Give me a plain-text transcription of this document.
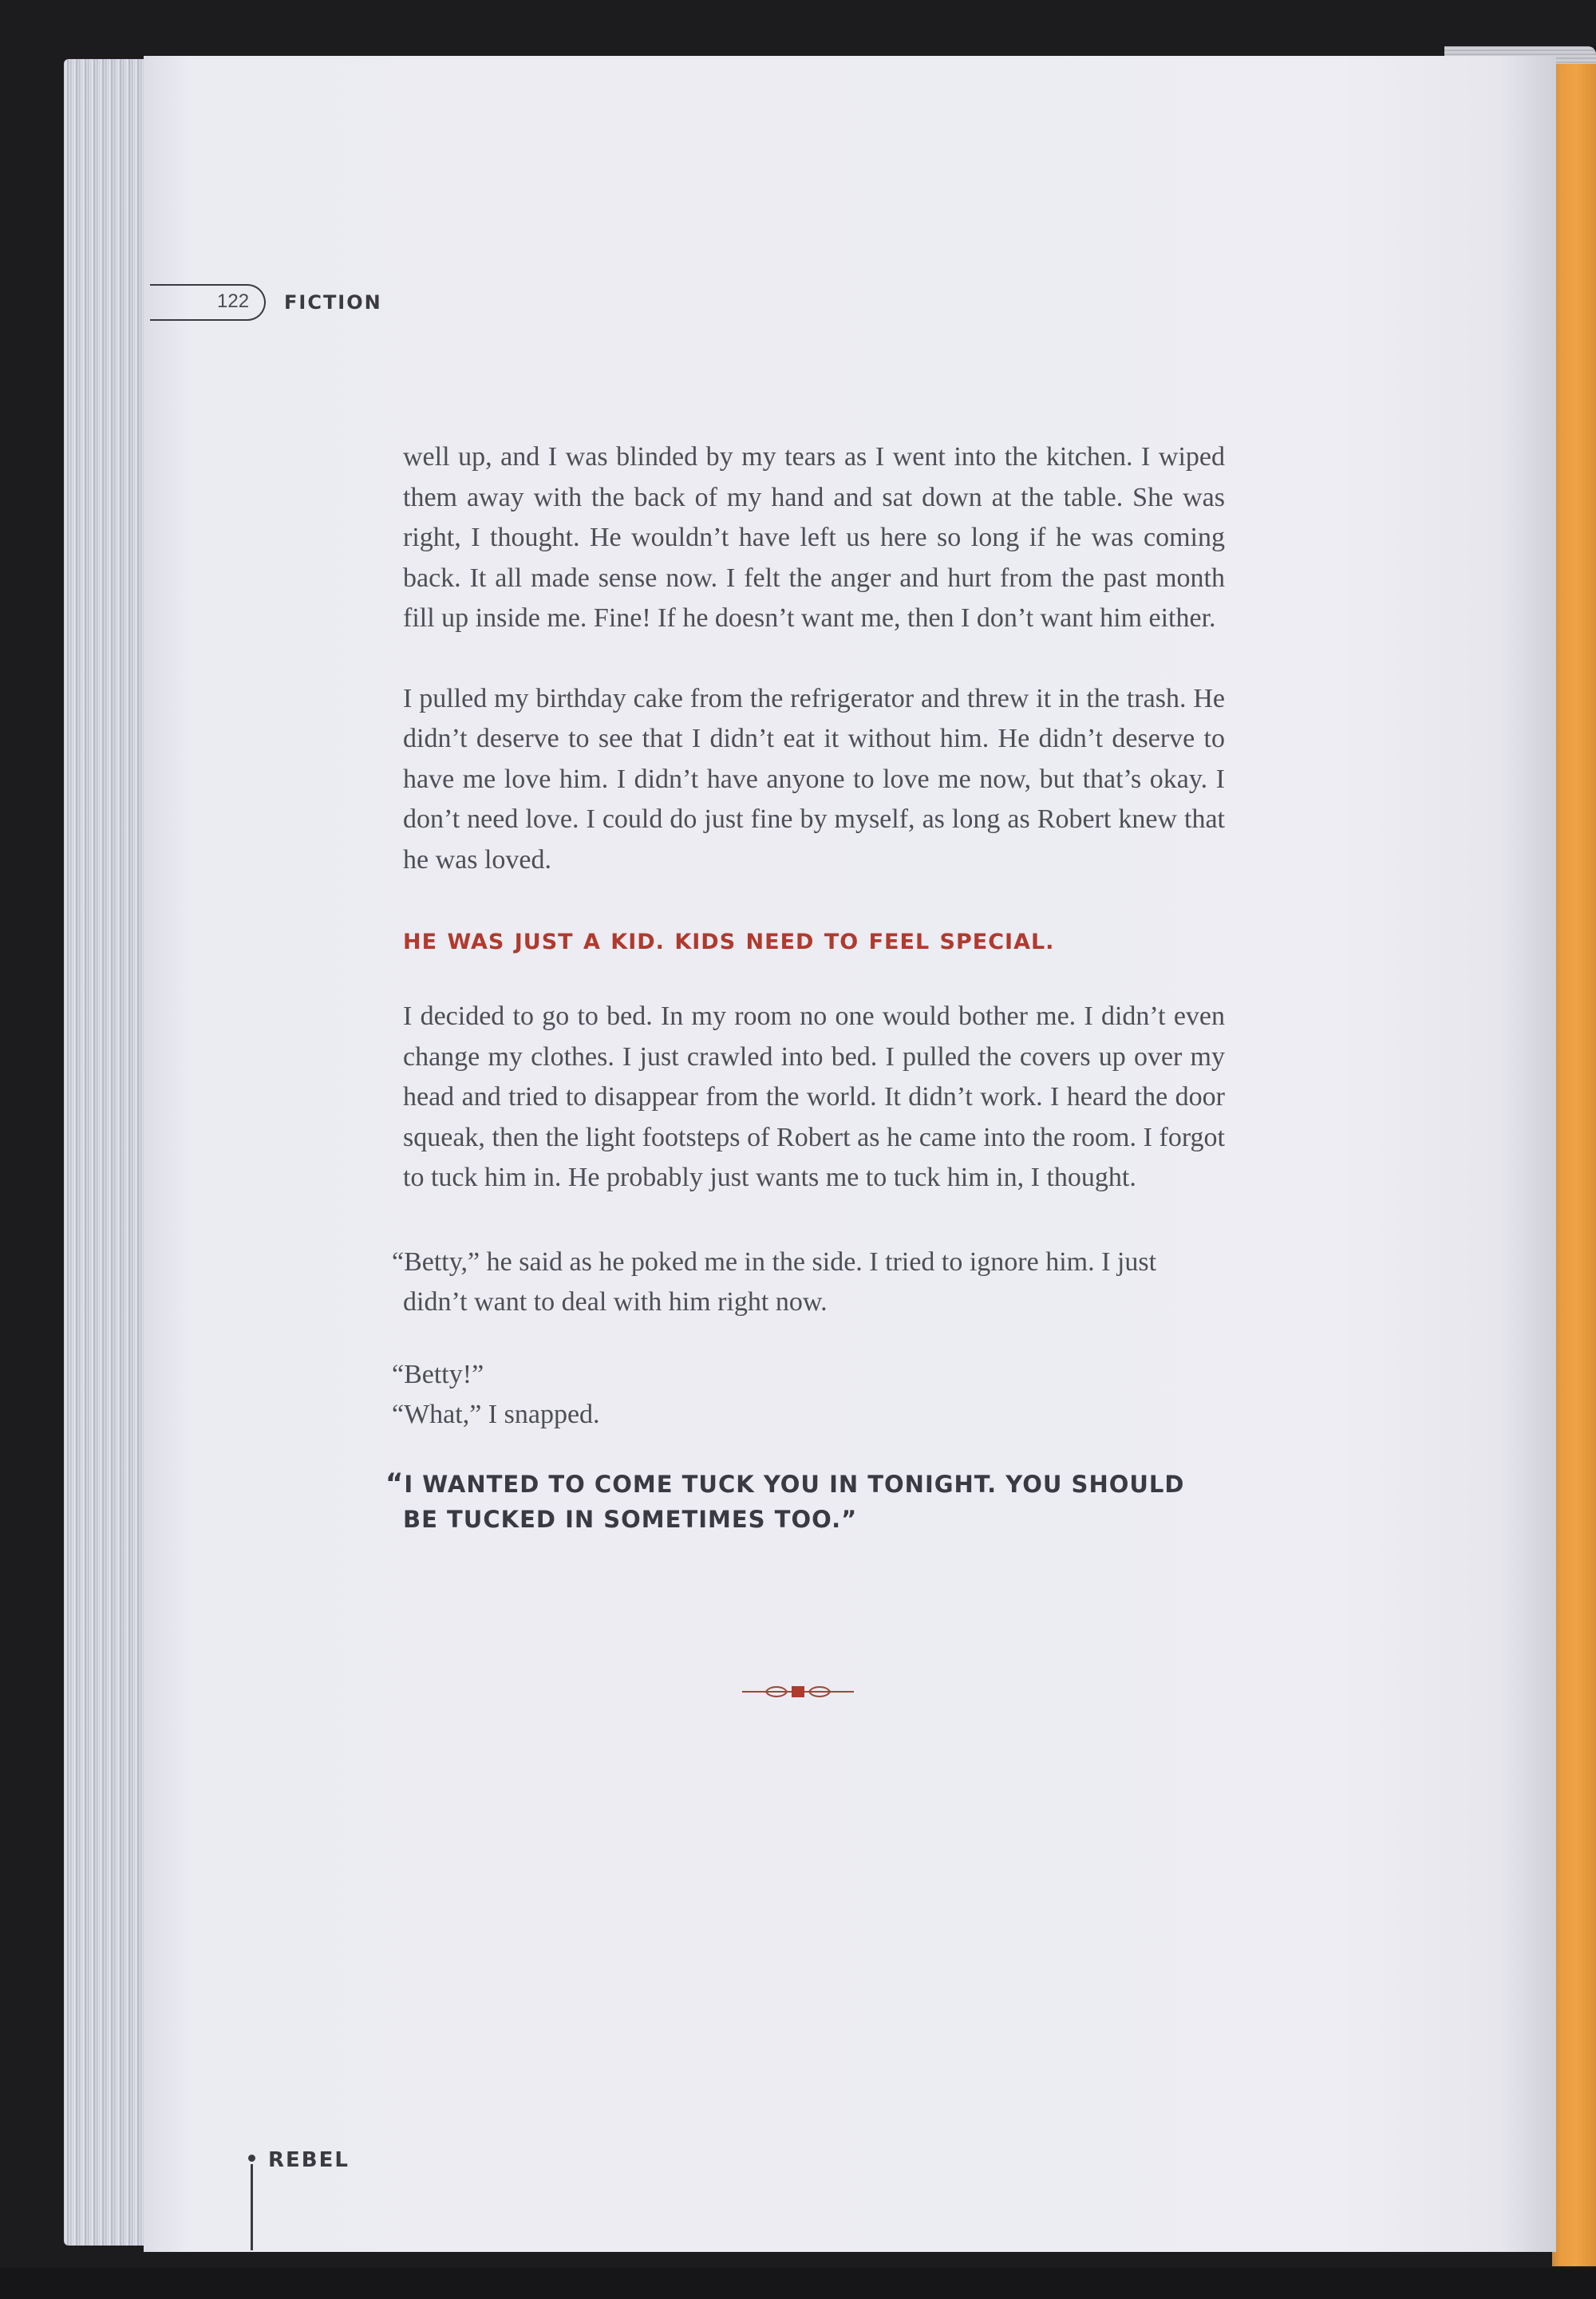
122 FICTION

well up, and I was blinded by my tears as I went into the kitchen. I wiped them away with the back of my hand and sat down at the table. She was right, I thought. He wouldn’t have left us here so long if he was coming back. It all made sense now. I felt the anger and hurt from the past month fill up inside me. Fine! If he doesn’t want me, then I don’t want him either.

I pulled my birthday cake from the refrigerator and threw it in the trash. He didn’t deserve to see that I didn’t eat it without him. He didn’t deserve to have me love him. I didn’t have anyone to love me now, but that’s okay. I don’t need love. I could do just fine by myself, as long as Robert knew that he was loved.

HE WAS JUST A KID. KIDS NEED TO FEEL SPECIAL.

I decided to go to bed. In my room no one would bother me. I didn’t even change my clothes. I just crawled into bed. I pulled the covers up over my head and tried to disappear from the world. It didn’t work. I heard the door squeak, then the light footsteps of Robert as he came into the room. I forgot to tuck him in. He probably just wants me to tuck him in, I thought.

“Betty,” he said as he poked me in the side. I tried to ignore him. I just didn’t want to deal with him right now.

“Betty!”

“What,” I snapped.

“I WANTED TO COME TUCK YOU IN TONIGHT. YOU SHOULD BE TUCKED IN SOMETIMES TOO.”

REBEL
